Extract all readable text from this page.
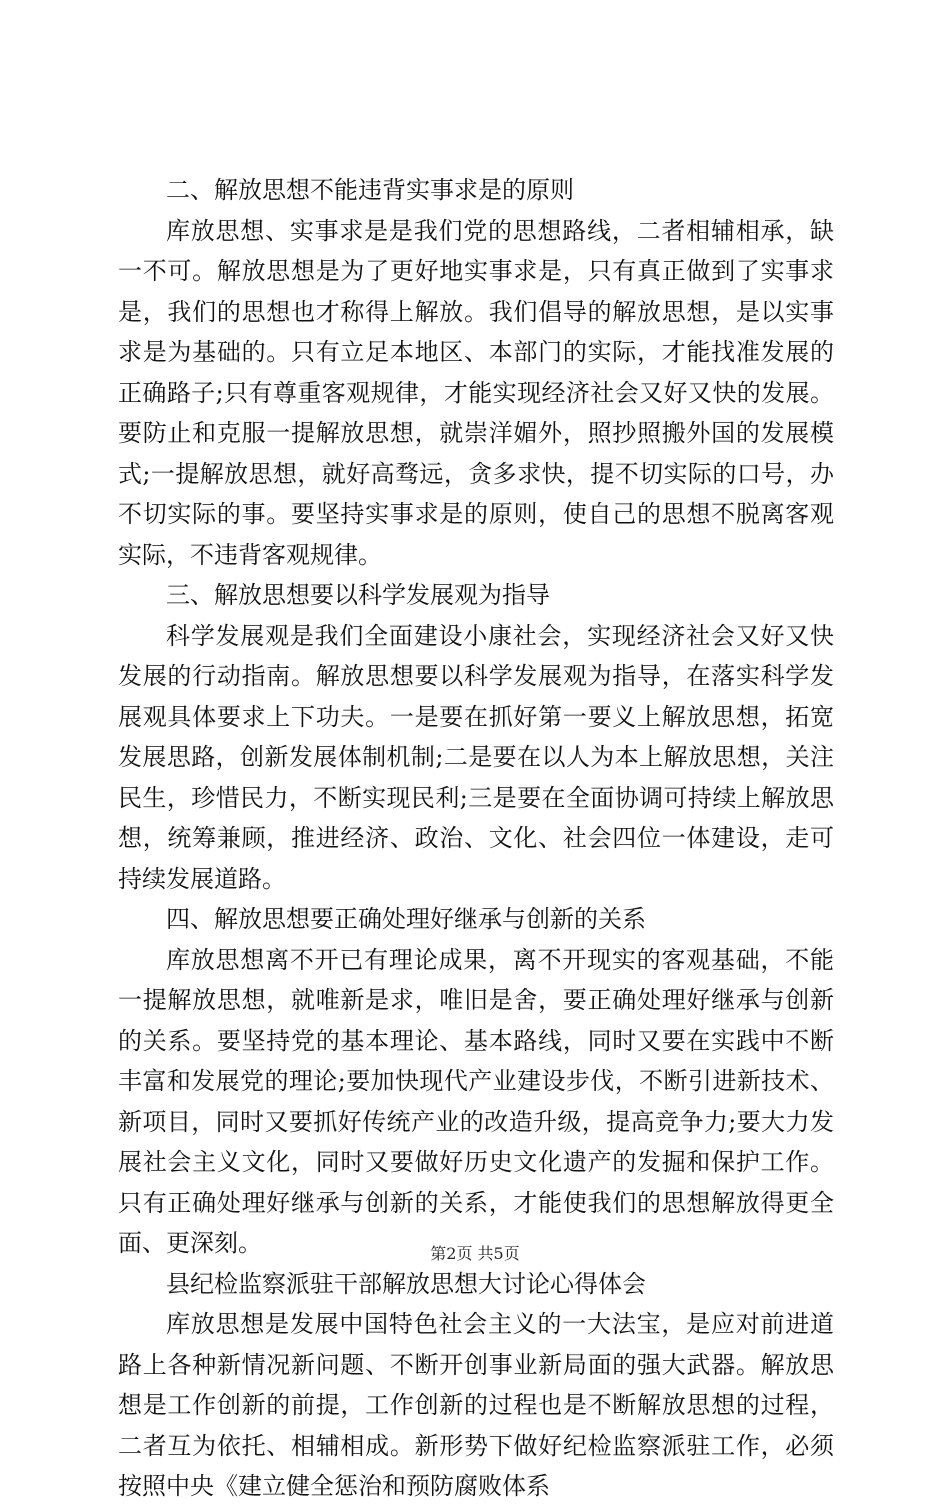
二、解放思想不能违背实事求是的原则

库放思想、实事求是是我们党的思想路线，二者相辅相承，缺一不可。解放思想是为了更好地实事求是，只有真正做到了实事求是，我们的思想也才称得上解放。我们倡导的解放思想，是以实事求是为基础的。只有立足本地区、本部门的实际，才能找准发展的正确路子;只有尊重客观规律，才能实现经济社会又好又快的发展。要防止和克服一提解放思想，就崇洋媚外，照抄照搬外国的发展模式;一提解放思想，就好高骛远，贪多求快，提不切实际的口号，办不切实际的事。要坚持实事求是的原则，使自己的思想不脱离客观实际，不违背客观规律。

三、解放思想要以科学发展观为指导

科学发展观是我们全面建设小康社会，实现经济社会又好又快发展的行动指南。解放思想要以科学发展观为指导，在落实科学发展观具体要求上下功夫。一是要在抓好第一要义上解放思想，拓宽发展思路，创新发展体制机制;二是要在以人为本上解放思想，关注民生，珍惜民力，不断实现民利;三是要在全面协调可持续上解放思想，统筹兼顾，推进经济、政治、文化、社会四位一体建设，走可持续发展道路。

四、解放思想要正确处理好继承与创新的关系

库放思想离不开已有理论成果，离不开现实的客观基础，不能一提解放思想，就唯新是求，唯旧是舍，要正确处理好继承与创新的关系。要坚持党的基本理论、基本路线，同时又要在实践中不断丰富和发展党的理论;要加快现代产业建设步伐，不断引进新技术、新项目，同时又要抓好传统产业的改造升级，提高竞争力;要大力发展社会主义文化，同时又要做好历史文化遗产的发掘和保护工作。只有正确处理好继承与创新的关系，才能使我们的思想解放得更全面、更深刻。

县纪检监察派驻干部解放思想大讨论心得体会

库放思想是发展中国特色社会主义的一大法宝，是应对前进道路上各种新情况新问题、不断开创事业新局面的强大武器。解放思想是工作创新的前提，工作创新的过程也是不断解放思想的过程，二者互为依托、相辅相成。新形势下做好纪检监察派驻工作，必须按照中央《建立健全惩治和预防腐败体系

第2页 共5页
